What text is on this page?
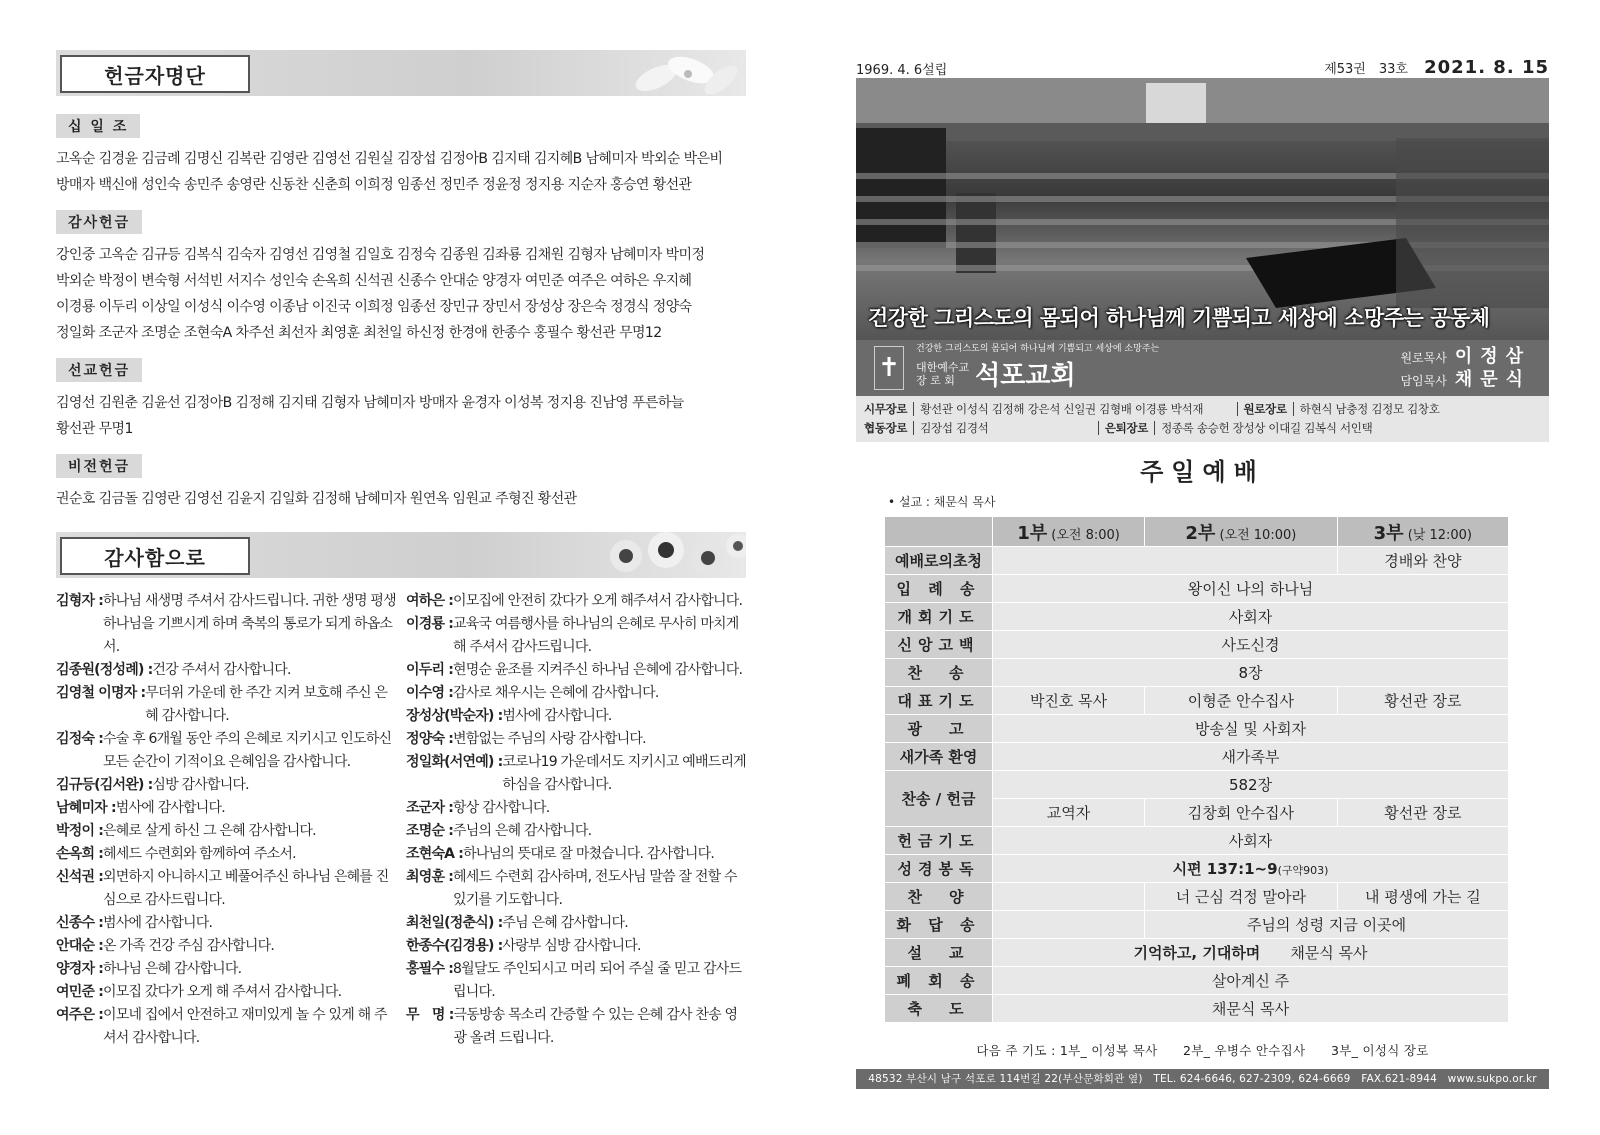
헌금자명단
십 일 조
고옥순 김경윤 김금례 김명신 김복란 김영란 김영선 김원실 김장섭 김정아B 김지태 김지혜B 남혜미자 박외순 박은비
방매자 백신애 성인숙 송민주 송영란 신동찬 신춘희 이희정 임종선 정민주 정윤정 정지용 지순자 홍승연 황선관
감사헌금
강인중 고옥순 김규등 김복식 김숙자 김영선 김영철 김일호 김정숙 김종원 김좌룡 김채원 김형자 남혜미자 박미정
박외순 박정이 변숙형 서석빈 서지수 성인숙 손옥희 신석권 신종수 안대순 양경자 여민준 여주은 여하은 우지혜
이경룡 이두리 이상일 이성식 이수영 이종남 이진국 이희정 임종선 장민규 장민서 장성상 장은숙 정경식 정양숙
정일화 조군자 조명순 조현숙A 차주선 최선자 최영훈 최천일 하신정 한경애 한종수 홍필수 황선관 무명12
선교헌금
김영선 김원춘 김윤선 김정아B 김정해 김지태 김형자 남혜미자 방매자 윤경자 이성복 정지용 진남영 푸른하늘
황선관 무명1
비전헌금
권순호 김금돌 김영란 김영선 김윤지 김일화 김정해 남혜미자 원연옥 임원교 주형진 황선관
감사함으로
김형자 : 하나님 새생명 주셔서 감사드립니다. 귀한 생명 평생 하나님을 기쁘시게 하며 축복의 통로가 되게 하옵소서.
김종원(정성례) : 건강 주셔서 감사합니다.
김영철 이명자 : 무더위 가운데 한 주간 지켜 보호해 주신 은혜 감사합니다.
김정숙 : 수술 후 6개월 동안 주의 은혜로 지키시고 인도하신 모든 순간이 기적이요 은혜임을 감사합니다.
김규등(김서완) : 심방 감사합니다.
남혜미자 : 범사에 감사합니다.
박정이 : 은혜로 살게 하신 그 은혜 감사합니다.
손옥희 : 헤세드 수련회와 함께하여 주소서.
신석권 : 외면하지 아니하시고 베풀어주신 하나님 은혜를 진심으로 감사드립니다.
신종수 : 범사에 감사합니다.
안대순 : 온 가족 건강 주심 감사합니다.
양경자 : 하나님 은혜 감사합니다.
여민준 : 이모집 갔다가 오게 해 주셔서 감사합니다.
여주은 : 이모네 집에서 안전하고 재미있게 놀 수 있게 해 주셔서 감사합니다.
여하은 : 이모집에 안전히 갔다가 오게 해주셔서 감사합니다.
이경룡 : 교육국 여름행사를 하나님의 은혜로 무사히 마치게 해 주셔서 감사드립니다.
이두리 : 현명순 윤조를 지켜주신 하나님 은혜에 감사합니다.
이수영 : 감사로 채우시는 은혜에 감사합니다.
장성상(박순자) : 범사에 감사합니다.
정양숙 : 변함없는 주님의 사랑 감사합니다.
정일화(서연예) : 코로나19 가운데서도 지키시고 예배드리게 하심을 감사합니다.
조군자 : 항상 감사합니다.
조명순 : 주님의 은혜 감사합니다.
조현숙A : 하나님의 뜻대로 잘 마쳤습니다. 감사합니다.
최영훈 : 헤세드 수련회 감사하며, 전도사님 말씀 잘 전할 수 있기를 기도합니다.
최천일(정춘식) : 주님 은혜 감사합니다.
한종수(김경용) : 사랑부 심방 감사합니다.
홍필수 : 8월달도 주인되시고 머리 되어 주실 줄 믿고 감사드립니다.
무　명 : 극동방송 목소리 간증할 수 있는 은혜 감사 찬송 영광 올려 드립니다.
1969. 4. 6설립	제53권　33호 2021. 8. 15
건강한 그리스도의 몸되어 하나님께 기쁨되고 세상에 소망주는 공동체
✝
건강한 그리스도의 몸되어 하나님께 기쁨되고 세상에 소망주는
대한예수교
장 로 회 석포교회
원로목사 이정삼
담임목사 채문식
시무장로 황선관 이성식 김정해 강은석 신일권 김형배 이경룡 박석재	원로장로 하현식 남충정 김정모 김창호
협동장로 김장섭 김경석	은퇴장로 정종록 송승헌 장성상 이대길 김복식 서인택
주일예배
• 설교 : 채문식 목사
	1부 (오전 8:00)	2부 (오전 10:00)	3부 (낮 12:00)
예배로의초청			경배와 찬양
입 례 송	왕이신 나의 하나님		
개회기도	사회자		
신앙고백	사도신경		
찬　송	8장		
대표기도	박진호 목사	이형준 안수집사	황선관 장로
광　고	방송실 및 사회자		
새가족 환영	새가족부		
찬송 / 헌금	582장		
	교역자	김창회 안수집사	황선관 장로
헌금기도	사회자		
성경봉독	시편 137:1~9(구약903)		
찬　양		너 근심 걱정 말아라	내 평생에 가는 길
화 답 송		주님의 성령 지금 이곳에	
설　교	기억하고, 기대하며　　 채문식 목사		
폐 회 송	살아계신 주		
축　도	채문식 목사		
다음 주 기도 : 1부_ 이성복 목사　　2부_ 우병수 안수집사　　3부_ 이성식 장로
48532 부산시 남구 석포로 114번길 22(부산문화회관 옆)　TEL. 624-6646, 627-2309, 624-6669　FAX.621-8944　www.sukpo.or.kr
